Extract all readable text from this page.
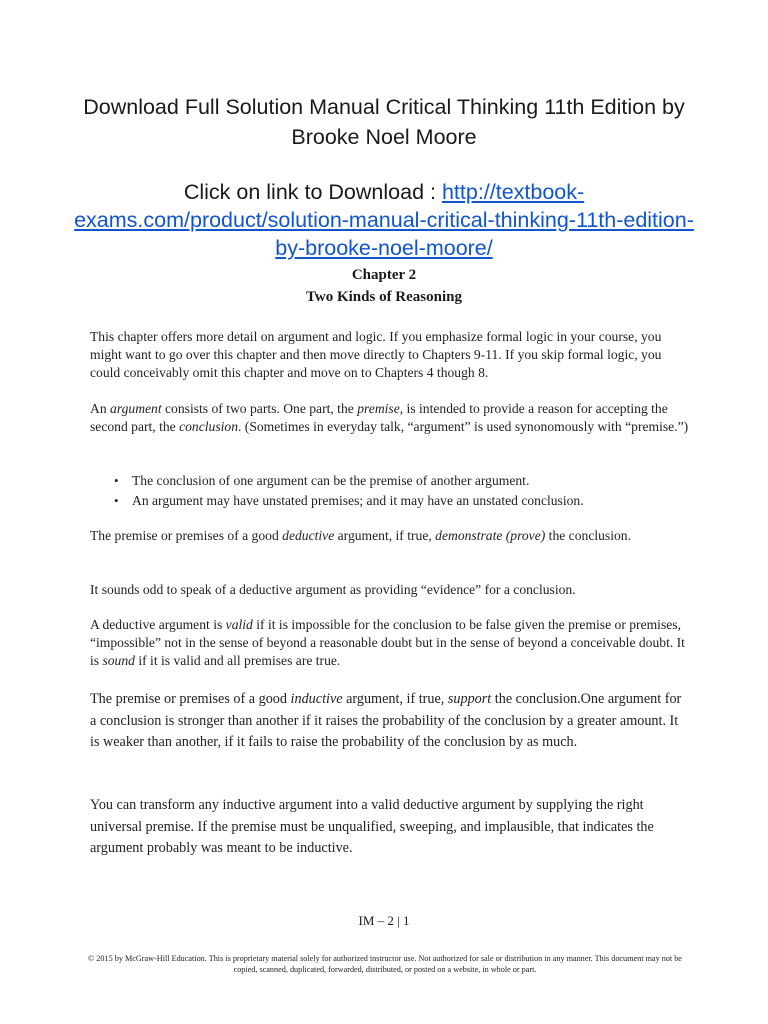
Download Full Solution Manual Critical Thinking 11th Edition by Brooke Noel Moore
Click on link to Download : http://textbook-exams.com/product/solution-manual-critical-thinking-11th-edition-by-brooke-noel-moore/
Chapter 2
Two Kinds of Reasoning
This chapter offers more detail on argument and logic. If you emphasize formal logic in your course, you might want to go over this chapter and then move directly to Chapters 9-11. If you skip formal logic, you could conceivably omit this chapter and move on to Chapters 4 though 8.
An argument consists of two parts. One part, the premise, is intended to provide a reason for accepting the second part, the conclusion. (Sometimes in everyday talk, “argument” is used synonomously with “premise.”)
• The conclusion of one argument can be the premise of another argument.
• An argument may have unstated premises; and it may have an unstated conclusion.
The premise or premises of a good deductive argument, if true, demonstrate (prove) the conclusion.
It sounds odd to speak of a deductive argument as providing “evidence” for a conclusion.
A deductive argument is valid if it is impossible for the conclusion to be false given the premise or premises, “impossible” not in the sense of beyond a reasonable doubt but in the sense of beyond a conceivable doubt. It is sound if it is valid and all premises are true.
The premise or premises of a good inductive argument, if true, support the conclusion.One argument for a conclusion is stronger than another if it raises the probability of the conclusion by a greater amount. It is weaker than another, if it fails to raise the probability of the conclusion by as much.
You can transform any inductive argument into a valid deductive argument by supplying the right universal premise. If the premise must be unqualified, sweeping, and implausible, that indicates the argument probably was meant to be inductive.
IM – 2 | 1
© 2015 by McGraw-Hill Education. This is proprietary material solely for authorized instructor use. Not authorized for sale or distribution in any manner. This document may not be copied, scanned, duplicated, forwarded, distributed, or posted on a website, in whole or part.
